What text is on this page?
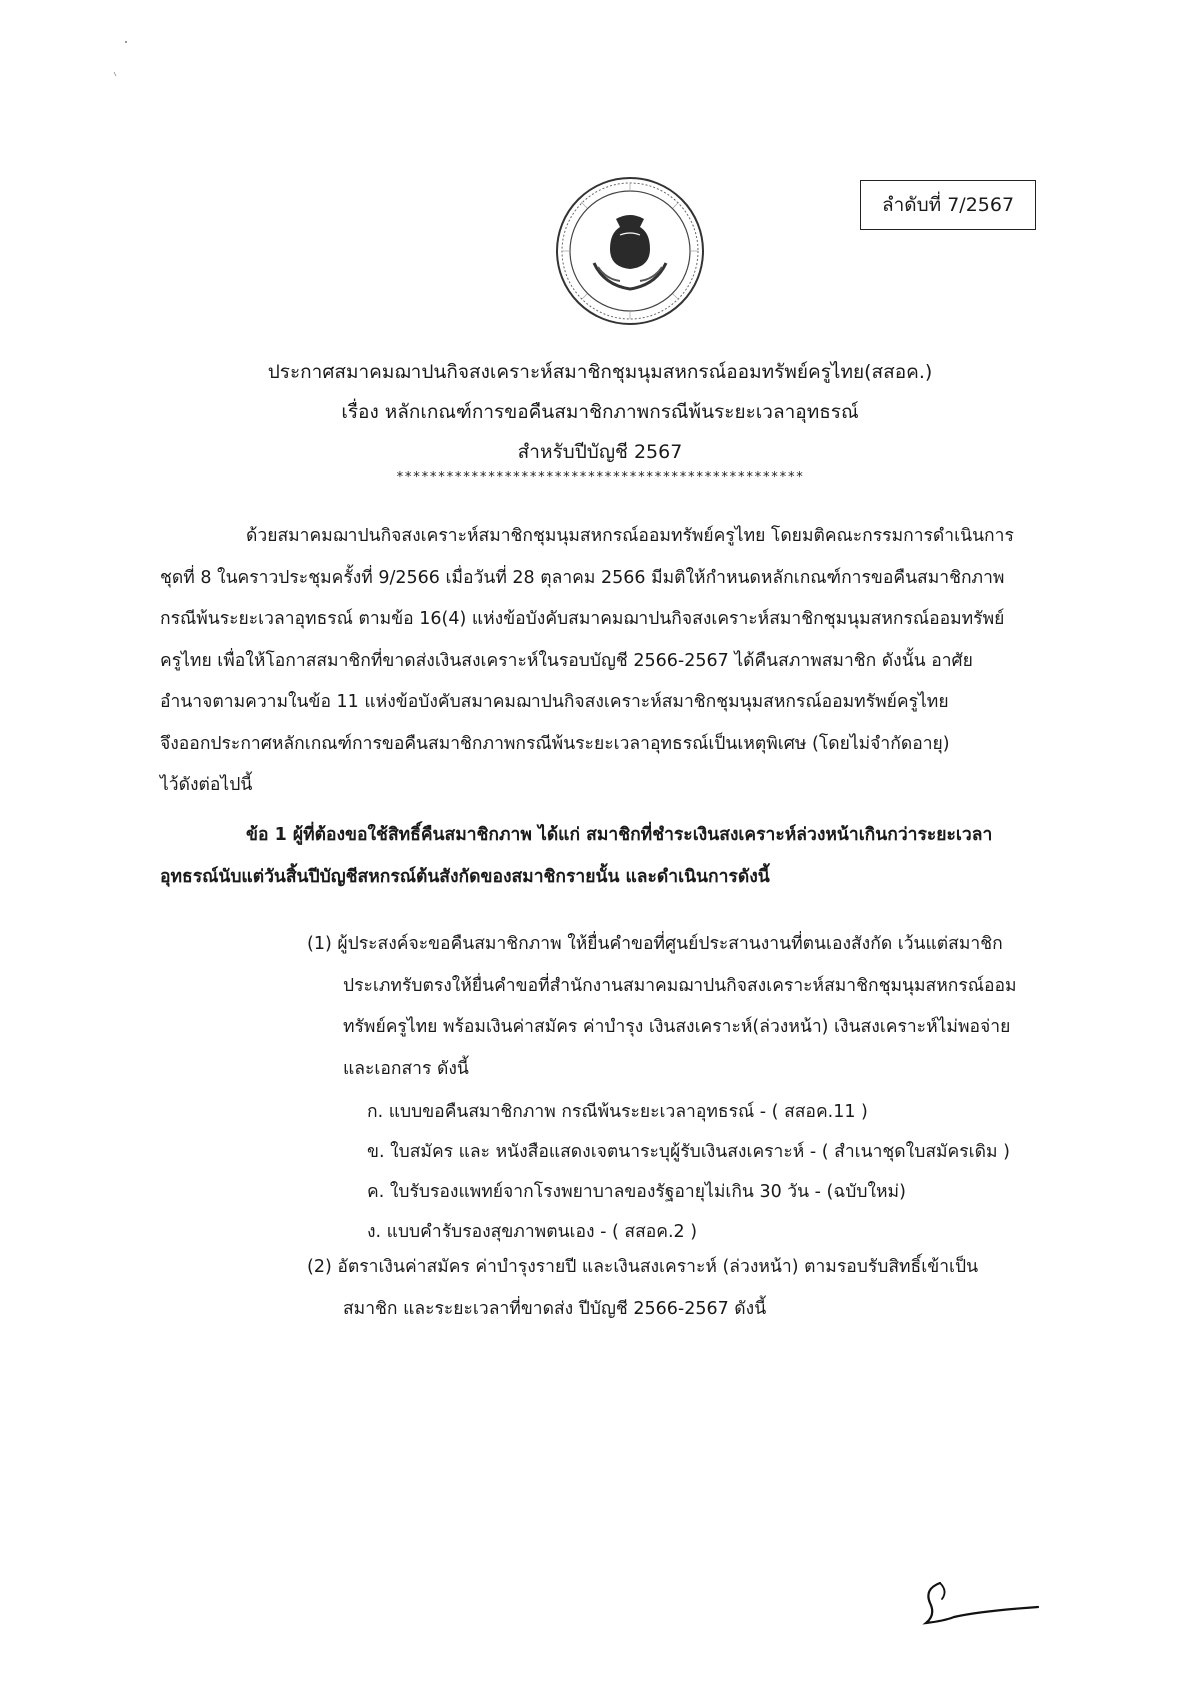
ลำดับที่ 7/2567
ประกาศสมาคมฌาปนกิจสงเคราะห์สมาชิกชุมนุมสหกรณ์ออมทรัพย์ครูไทย(สสอค.)
เรื่อง หลักเกณฑ์การขอคืนสมาชิกภาพกรณีพ้นระยะเวลาอุทธรณ์
สำหรับปีบัญชี 2567
*************************************************
ด้วยสมาคมฌาปนกิจสงเคราะห์สมาชิกชุมนุมสหกรณ์ออมทรัพย์ครูไทย โดยมติคณะกรรมการดำเนินการ
ชุดที่ 8 ในคราวประชุมครั้งที่ 9/2566 เมื่อวันที่ 28 ตุลาคม 2566 มีมติให้กำหนดหลักเกณฑ์การขอคืนสมาชิกภาพ
กรณีพ้นระยะเวลาอุทธรณ์ ตามข้อ 16(4) แห่งข้อบังคับสมาคมฌาปนกิจสงเคราะห์สมาชิกชุมนุมสหกรณ์ออมทรัพย์
ครูไทย เพื่อให้โอกาสสมาชิกที่ขาดส่งเงินสงเคราะห์ในรอบบัญชี 2566-2567 ได้คืนสภาพสมาชิก ดังนั้น อาศัย
อำนาจตามความในข้อ 11 แห่งข้อบังคับสมาคมฌาปนกิจสงเคราะห์สมาชิกชุมนุมสหกรณ์ออมทรัพย์ครูไทย
จึงออกประกาศหลักเกณฑ์การขอคืนสมาชิกภาพกรณีพ้นระยะเวลาอุทธรณ์เป็นเหตุพิเศษ (โดยไม่จำกัดอายุ)
ไว้ดังต่อไปนี้
ข้อ 1 ผู้ที่ต้องขอใช้สิทธิ์คืนสมาชิกภาพ ได้แก่ สมาชิกที่ชำระเงินสงเคราะห์ล่วงหน้าเกินกว่าระยะเวลา
อุทธรณ์นับแต่วันสิ้นปีบัญชีสหกรณ์ต้นสังกัดของสมาชิกรายนั้น และดำเนินการดังนี้
(1) ผู้ประสงค์จะขอคืนสมาชิกภาพ ให้ยื่นคำขอที่ศูนย์ประสานงานที่ตนเองสังกัด เว้นแต่สมาชิก
ประเภทรับตรงให้ยื่นคำขอที่สำนักงานสมาคมฌาปนกิจสงเคราะห์สมาชิกชุมนุมสหกรณ์ออม
ทรัพย์ครูไทย พร้อมเงินค่าสมัคร ค่าบำรุง เงินสงเคราะห์(ล่วงหน้า) เงินสงเคราะห์ไม่พอจ่าย
และเอกสาร ดังนี้
ก. แบบขอคืนสมาชิกภาพ กรณีพ้นระยะเวลาอุทธรณ์ - ( สสอค.11 )
ข. ใบสมัคร และ หนังสือแสดงเจตนาระบุผู้รับเงินสงเคราะห์ - ( สำเนาชุดใบสมัครเดิม )
ค. ใบรับรองแพทย์จากโรงพยาบาลของรัฐอายุไม่เกิน 30 วัน - (ฉบับใหม่)
ง. แบบคำรับรองสุขภาพตนเอง - ( สสอค.2 )
(2) อัตราเงินค่าสมัคร ค่าบำรุงรายปี และเงินสงเคราะห์ (ล่วงหน้า) ตามรอบรับสิทธิ์เข้าเป็น
สมาชิก และระยะเวลาที่ขาดส่ง ปีบัญชี 2566-2567 ดังนี้
